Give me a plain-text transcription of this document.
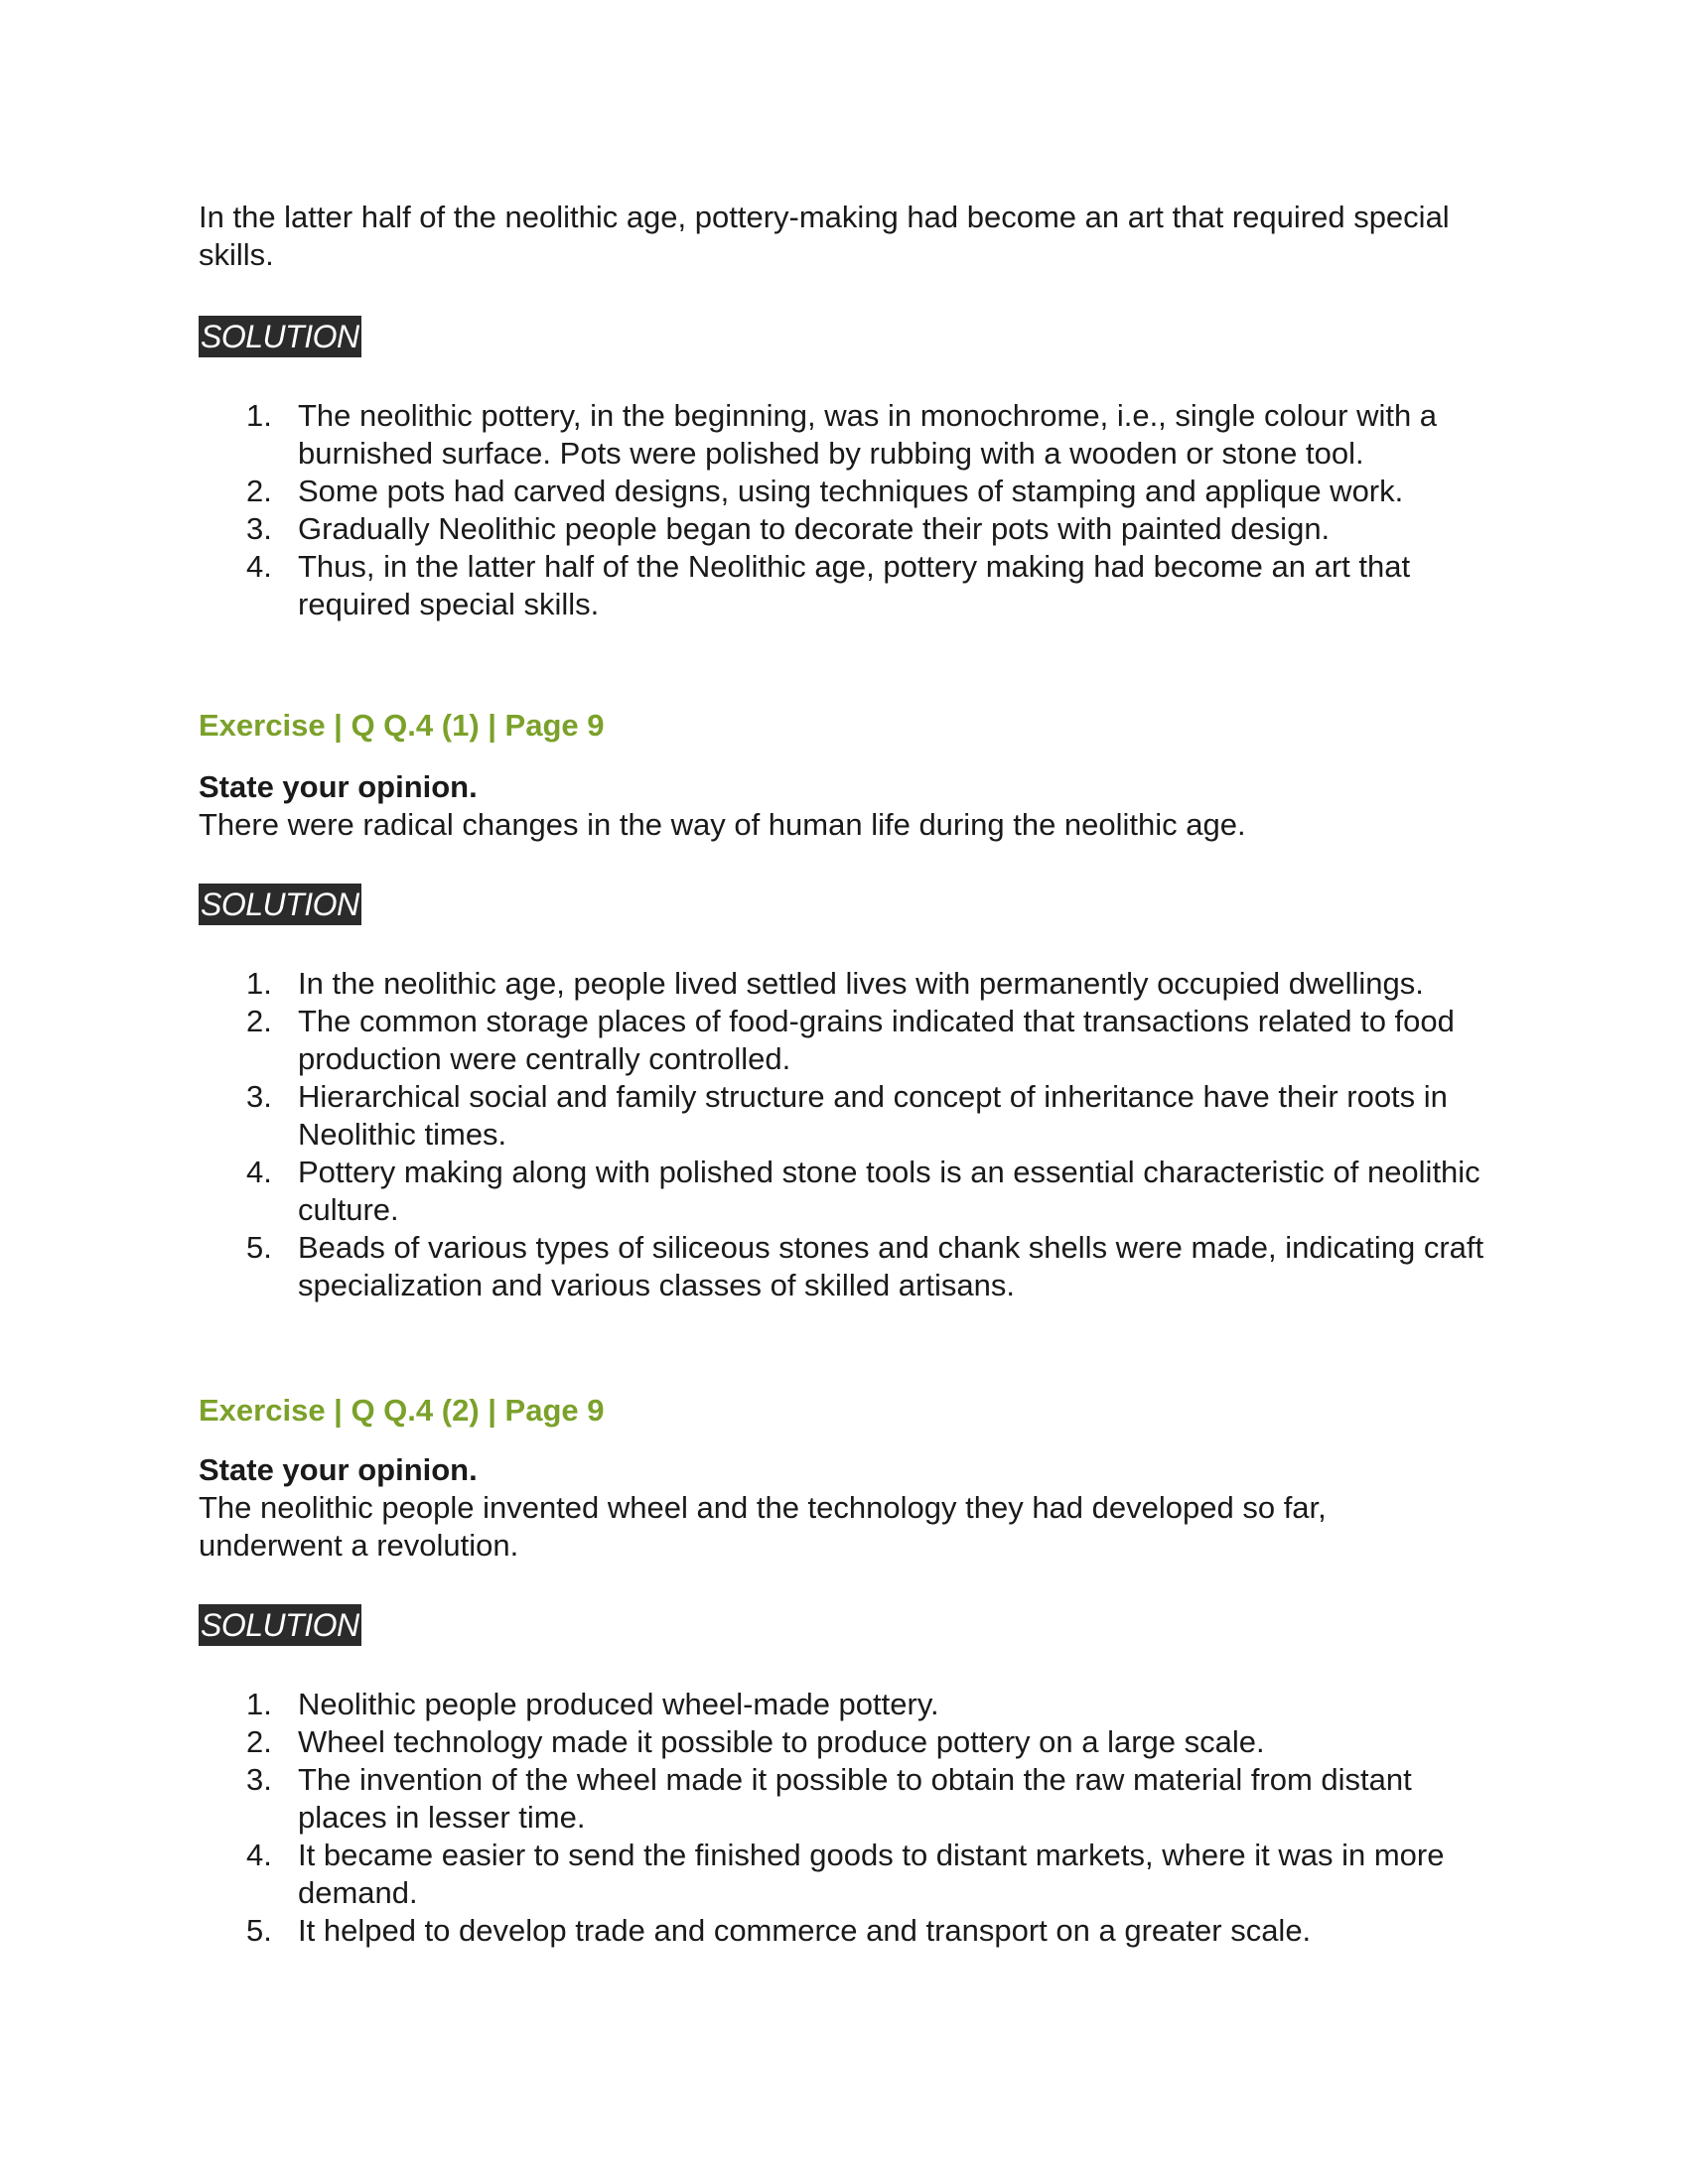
In the latter half of the neolithic age, pottery-making had become an art that required special skills.

SOLUTION
1. The neolithic pottery, in the beginning, was in monochrome, i.e., single colour with a burnished surface. Pots were polished by rubbing with a wooden or stone tool.
2. Some pots had carved designs, using techniques of stamping and applique work.
3. Gradually Neolithic people began to decorate their pots with painted design.
4. Thus, in the latter half of the Neolithic age, pottery making had become an art that required special skills.
Exercise | Q Q.4 (1) | Page 9

State your opinion.

There were radical changes in the way of human life during the neolithic age.

SOLUTION
1. In the neolithic age, people lived settled lives with permanently occupied dwellings.
2. The common storage places of food-grains indicated that transactions related to food production were centrally controlled.
3. Hierarchical social and family structure and concept of inheritance have their roots in Neolithic times.
4. Pottery making along with polished stone tools is an essential characteristic of neolithic culture.
5. Beads of various types of siliceous stones and chank shells were made, indicating craft specialization and various classes of skilled artisans.
Exercise | Q Q.4 (2) | Page 9

State your opinion.

The neolithic people invented wheel and the technology they had developed so far, underwent a revolution.

SOLUTION
1. Neolithic people produced wheel-made pottery.
2. Wheel technology made it possible to produce pottery on a large scale.
3. The invention of the wheel made it possible to obtain the raw material from distant places in lesser time.
4. It became easier to send the finished goods to distant markets, where it was in more demand.
5. It helped to develop trade and commerce and transport on a greater scale.
